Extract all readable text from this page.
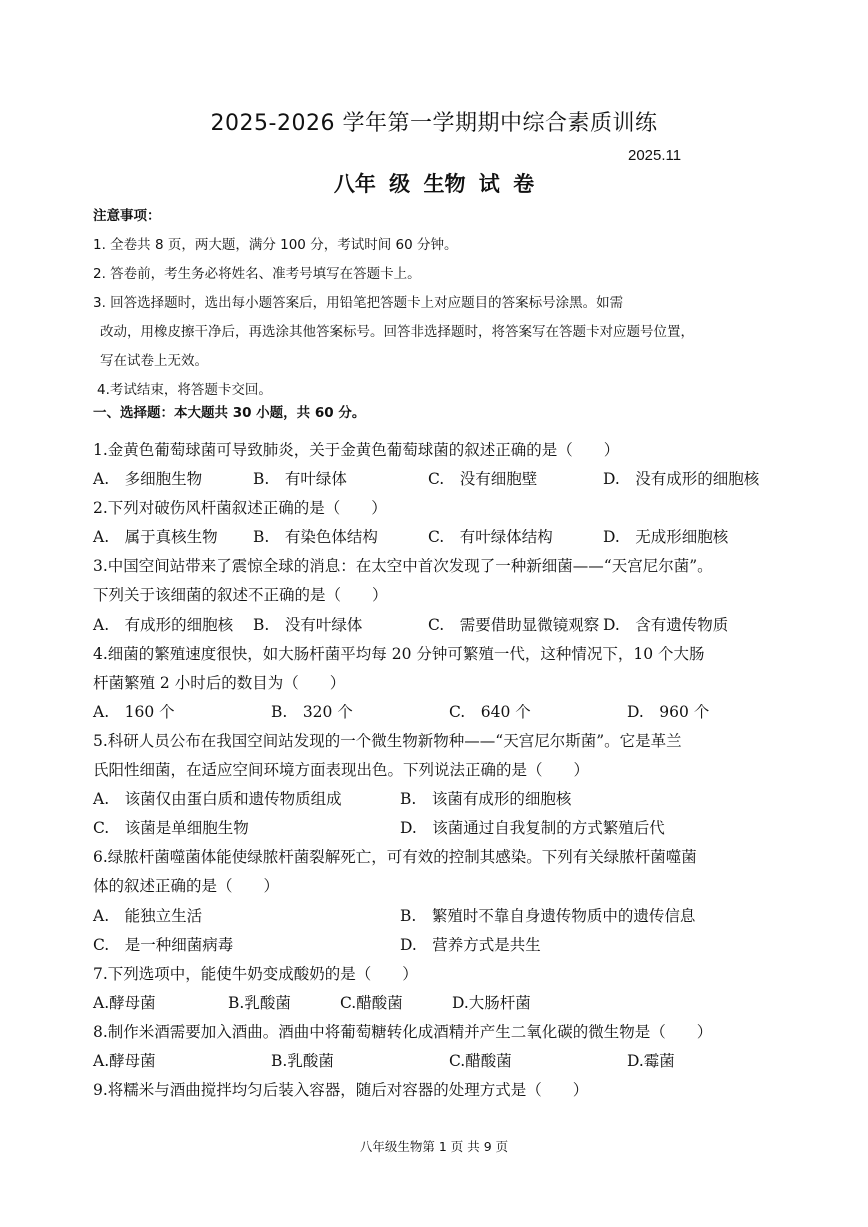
2025-2026 学年第一学期期中综合素质训练
2025.11
八年 级 生物 试 卷
注意事项：
1. 全卷共 8 页，两大题，满分 100 分，考试时间 60 分钟。
2. 答卷前，考生务必将姓名、准考号填写在答题卡上。
3. 回答选择题时，选出每小题答案后，用铅笔把答题卡上对应题目的答案标号涂黑。如需
改动，用橡皮擦干净后，再选涂其他答案标号。回答非选择题时，将答案写在答题卡对应题号位置，
写在试卷上无效。
4.考试结束，将答题卡交回。
一、选择题：本大题共 30 小题，共 60 分。
1.金黄色葡萄球菌可导致肺炎，关于金黄色葡萄球菌的叙述正确的是（　　）
A.　多细胞生物	B.　有叶绿体	C.　没有细胞壁	D.　没有成形的细胞核
2.下列对破伤风杆菌叙述正确的是（　　）
A.　属于真核生物 B.　有染色体结构	C.　有叶绿体结构	D.　无成形细胞核
3.中国空间站带来了震惊全球的消息：在太空中首次发现了一种新细菌——“天宫尼尔菌”。
下列关于该细菌的叙述不正确的是（　　）
A.　有成形的细胞核 B.　没有叶绿体	C.　需要借助显微镜观察 D.　含有遗传物质
4.细菌的繁殖速度很快，如大肠杆菌平均每 20 分钟可繁殖一代，这种情况下，10 个大肠
杆菌繁殖 2 小时后的数目为（　　）
A.　160 个	B.　320 个	C.　640 个	D.　960 个
5.科研人员公布在我国空间站发现的一个微生物新物种——“天宫尼尔斯菌”。它是革兰
氏阳性细菌，在适应空间环境方面表现出色。下列说法正确的是（　　）
A.　该菌仅由蛋白质和遗传物质组成	B.　该菌有成形的细胞核
C.　该菌是单细胞生物	D.　该菌通过自我复制的方式繁殖后代
6.绿脓杆菌噬菌体能使绿脓杆菌裂解死亡，可有效的控制其感染。下列有关绿脓杆菌噬菌
体的叙述正确的是（　　）
A.　能独立生活	B.　繁殖时不靠自身遗传物质中的遗传信息
C.　是一种细菌病毒	D.　营养方式是共生
7.下列选项中，能使牛奶变成酸奶的是（　　）
A.酵母菌	B.乳酸菌	C.醋酸菌	D.大肠杆菌
8.制作米酒需要加入酒曲。酒曲中将葡萄糖转化成酒精并产生二氧化碳的微生物是（　　）
A.酵母菌	B.乳酸菌	C.醋酸菌	D.霉菌
9.将糯米与酒曲搅拌均匀后装入容器，随后对容器的处理方式是（　　）
八年级生物第 1 页 共 9 页
